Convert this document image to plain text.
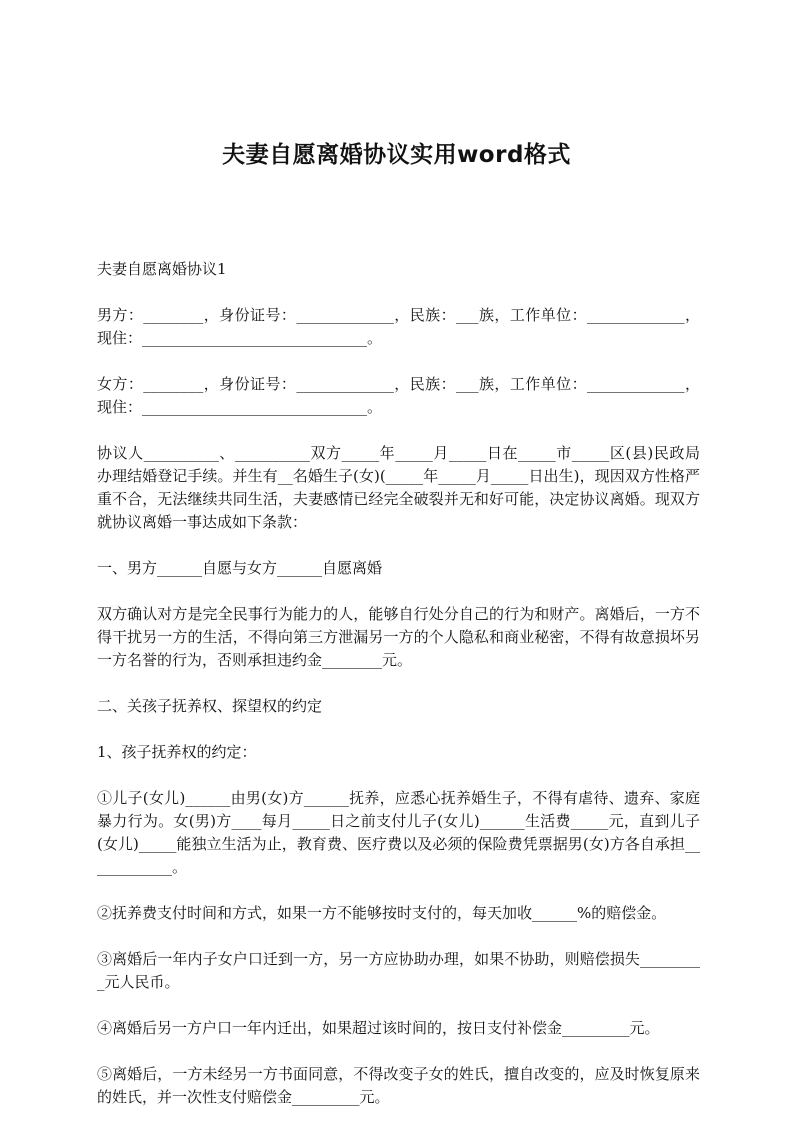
夫妻自愿离婚协议实用word格式

夫妻自愿离婚协议1

男方：________，身份证号：_____________，民族：___族，工作单位：_____________，现住：______________________________。

女方：________，身份证号：_____________，民族：___族，工作单位：_____________，现住：______________________________。

协议人__________、__________双方_____年_____月_____日在_____市_____区(县)民政局办理结婚登记手续。并生有__名婚生子(女)(_____年_____月_____日出生)，现因双方性格严重不合，无法继续共同生活，夫妻感情已经完全破裂并无和好可能，决定协议离婚。现双方就协议离婚一事达成如下条款：

一、男方______自愿与女方______自愿离婚

双方确认对方是完全民事行为能力的人，能够自行处分自己的行为和财产。离婚后，一方不得干扰另一方的生活，不得向第三方泄漏另一方的个人隐私和商业秘密，不得有故意损坏另一方名誉的行为，否则承担违约金________元。

二、关孩子抚养权、探望权的约定

1、孩子抚养权的约定：

①儿子(女儿)______由男(女)方______抚养，应悉心抚养婚生子，不得有虐待、遗弃、家庭暴力行为。女(男)方____每月_____日之前支付儿子(女儿)______生活费_____元，直到儿子(女儿)_____能独立生活为止，教育费、医疗费以及必须的保险费凭票据男(女)方各自承担____________。

②抚养费支付时间和方式，如果一方不能够按时支付的，每天加收______%的赔偿金。

③离婚后一年内子女户口迁到一方，另一方应协助办理，如果不协助，则赔偿损失_________元人民币。

④离婚后另一方户口一年内迁出，如果超过该时间的，按日支付补偿金_________元。

⑤离婚后，一方未经另一方书面同意，不得改变子女的姓氏，擅自改变的，应及时恢复原来的姓氏，并一次性支付赔偿金_________元。
